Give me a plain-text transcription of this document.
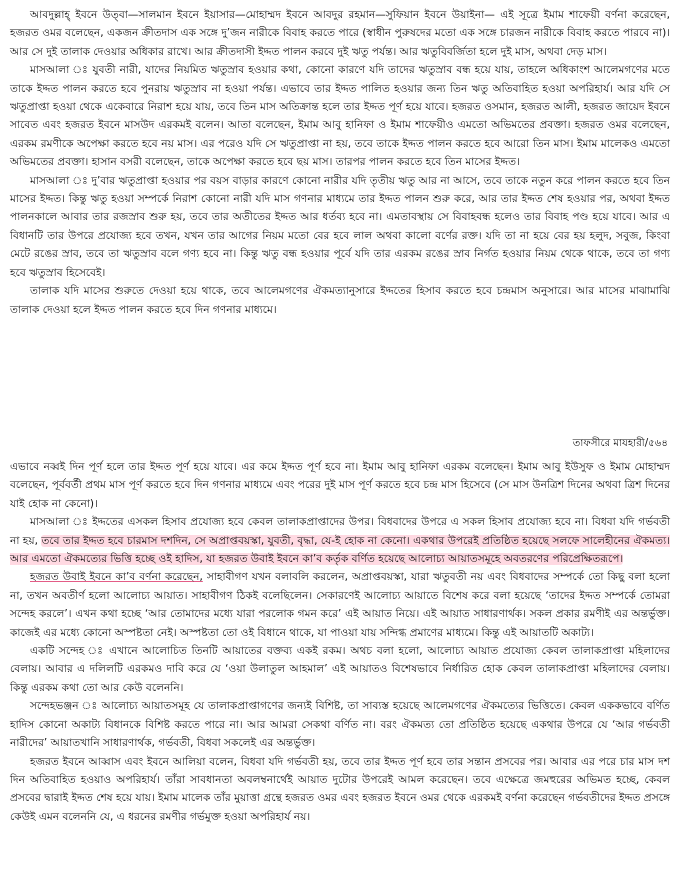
আবদুল্লাহ্ ইবনে উত্‌বা—সালমান ইবনে ইয়াসার—মোহাম্মদ ইবনে আবদুর রহমান—সুফিয়ান ইবনে উয়াইনা— এই সূত্রে ইমাম শাফেয়ী বর্ণনা করেছেন, হজরত ওমর বলেছেন, একজন ক্রীতদাস এক সঙ্গে দু’জন নারীকে বিবাহ করতে পারে (স্বাধীন পুরুষদের মতো এক সঙ্গে চারজন নারীকে বিবাহ করতে পারবে না)। আর সে দুই তালাক দেওয়ার অধিকার রাখে। আর ক্রীতদাসী ইদ্দত পালন করবে দুই ঋতু পর্যন্ত। আর ঋতুবিবর্জিতা হলে দুই মাস, অথবা দেড় মাস।

মাসআলা ঃ যুবতী নারী, যাদের নিয়মিত ঋতুস্রাব হওয়ার কথা, কোনো কারণে যদি তাদের ঋতুস্রাব বন্ধ হয়ে যায়, তাহলে অধিকাংশ আলেমগণের মতে তাকে ইদ্দত পালন করতে হবে পুনরায় ঋতুস্রাব না হওয়া পর্যন্ত। এভাবে তার ইদ্দত পালিত হওয়ার জন্য তিন ঋতু অতিবাহিত হওয়া অপরিহার্য। আর যদি সে ঋতুপ্রাপ্তা হওয়া থেকে একেবারে নিরাশ হয়ে যায়, তবে তিন মাস অতিক্রান্ত হলে তার ইদ্দত পূর্ণ হয়ে যাবে। হজরত ওসমান, হজরত আলী, হজরত জায়েদ ইবনে সাবেত এবং হজরত ইবনে মাসউদ এরকমই বলেন। আতা বলেছেন, ইমাম আবু হানিফা ও ইমাম শাফেয়ীও এমতো অভিমতের প্রবক্তা। হজরত ওমর বলেছেন, এরকম রমণীকে অপেক্ষা করতে হবে নয় মাস। এর পরেও যদি সে ঋতুপ্রাপ্তা না হয়, তবে তাকে ইদ্দত পালন করতে হবে আরো তিন মাস। ইমাম মালেকও এমতো অভিমতের প্রবক্তা। হাসান বসরী বলেছেন, তাকে অপেক্ষা করতে হবে ছয় মাস। তারপর পালন করতে হবে তিন মাসের ইদ্দত।

মাসআলা ঃ দু’বার ঋতুপ্রাপ্তা হওয়ার পর বয়স বাড়ার কারণে কোনো নারীর যদি তৃতীয় ঋতু আর না আসে, তবে তাকে নতুন করে পালন করতে হবে তিন মাসের ইদ্দত। কিন্তু ঋতু হওয়া সম্পর্কে নিরাশ কোনো নারী যদি মাস গণনার মাধ্যমে তার ইদ্দত পালন শুরু করে, আর তার ইদ্দত শেষ হওয়ার পর, অথবা ইদ্দত পালনকালে আবার তার রজস্রাব শুরু হয়, তবে তার অতীতের ইদ্দত আর ধর্তব্য হবে না। এমতাবস্থায় সে বিবাহবন্ধ হলেও তার বিবাহ পণ্ড হয়ে যাবে। আর এ বিধানটি তার উপরে প্রযোজ্য হবে তখন, যখন তার আগের নিয়ম মতো বের হবে লাল অথবা কালো বর্ণের রক্ত। যদি তা না হয়ে বের হয় হলুদ, সবুজ, কিংবা মেটে রঙের স্রাব, তবে তা ঋতুস্রাব বলে গণ্য হবে না। কিন্তু ঋতু বন্ধ হওয়ার পূর্বে যদি তার এরকম রঙের স্রাব নির্গত হওয়ার নিয়ম থেকে থাকে, তবে তা গণ্য হবে ঋতুস্রাব হিসেবেই।

তালাক যদি মাসের শুরুতে দেওয়া হয়ে থাকে, তবে আলেমগণের ঐকমত্যানুসারে ইদ্দতের হিসাব করতে হবে চন্দ্রমাস অনুসারে। আর মাসের মাঝামাঝি তালাক দেওয়া হলে ইদ্দত পালন করতে হবে দিন গণনার মাধ্যমে।

তাফসীরে মাযহারী/৫৬৪

এভাবে নব্বই দিন পূর্ণ হলে তার ইদ্দত পূর্ণ হয়ে যাবে। এর কমে ইদ্দত পূর্ণ হবে না। ইমাম আবু হানিফা এরকম বলেছেন। ইমাম আবু ইউসুফ ও ইমাম মোহাম্মদ বলেছেন, পূর্ববর্তী প্রথম মাস পূর্ণ করতে হবে দিন গণনার মাধ্যমে এবং পরের দুই মাস পূর্ণ করতে হবে চন্দ্র মাস হিসেবে (সে মাস উনত্রিশ দিনের অথবা ত্রিশ দিনের যাই হোক না কেনো)।

মাসআলা ঃ ইদ্দতের এসকল হিসাব প্রযোজ্য হবে কেবল তালাকপ্রাপ্তাদের উপর। বিধবাদের উপরে এ সকল হিসাব প্রযোজ্য হবে না। বিধবা যদি গর্ভবতী না হয়, তবে তার ইদ্দত হবে চারমাস দশদিন, সে অপ্রাপ্তবয়স্কা, যুবতী, বৃদ্ধা, যে-ই হোক না কেনো। একথার উপরেই প্রতিষ্ঠিত হয়েছে সলফে সালেহীনের ঐকমত্য। আর এমতো ঐকমত্যের ভিত্তি হচ্ছে ওই হাদিস, যা হজরত উবাই ইবনে কা’ব কর্তৃক বর্ণিত হয়েছে আলোচ্য আয়াতসমূহে অবতরণের পরিপ্রেক্ষিতরূপে।

হজরত উবাই ইবনে কা’ব বর্ণনা করেছেন, সাহাবীগণ যখন বলাবলি করলেন, অপ্রাপ্তবয়স্কা, যারা ঋতুবতী নয় এবং বিধবাদের সম্পর্কে তো কিছু বলা হলো না, তখন অবতীর্ণ হলো আলোচ্য আয়াত। সাহাবীগণ ঠিকই বলেছিলেন। সেকারণেই আলোচ্য আয়াতে বিশেষ করে বলা হয়েছে ‘তাদের ইদ্দত সম্পর্কে তোমরা সন্দেহ করলে’। এখন কথা হচ্ছে ‘আর তোমাদের মধ্যে যারা পরলোক গমন করে’ এই আয়াত নিয়ে। এই আয়াত সাধারণার্থক। সকল প্রকার রমণীই এর অন্তর্ভুক্ত। কাজেই এর মধ্যে কোনো অস্পষ্টতা নেই। অস্পষ্টতা তো ওই বিধানে থাকে, যা পাওয়া যায় সন্দিগ্ধ প্রমাণের মাধ্যমে। কিন্তু এই আয়াতটি অকাট্য।

একটি সন্দেহ ঃ এখানে আলোচিত তিনটি আয়াতের বক্তব্য একই রকম। অথচ বলা হলো, আলোচ্য আয়াত প্রযোজ্য কেবল তালাকপ্রাপ্তা মহিলাদের বেলায়। আবার এ দলিলটি এরকমও দাবি করে যে ‘ওয়া উলাতুল আহমাল’ এই আয়াতও বিশেষভাবে নির্ধারিত হোক কেবল তালাকপ্রাপ্তা মহিলাদের বেলায়। কিন্তু এরকম কথা তো আর কেউ বলেননি।

সন্দেহভঞ্জন ঃ আলোচ্য আয়াতসমূহ যে তালাকপ্রাপ্তাগণের জন্যই বিশিষ্ট, তা সাব্যস্ত হয়েছে আলেমগণের ঐকমত্যের ভিত্তিতে। কেবল এককভাবে বর্ণিত হাদিস কোনো অকাট্য বিধানকে বিশিষ্ট করতে পারে না। আর আমরা সেকথা বর্ণিত না। বরং ঐকমত্য তো প্রতিষ্ঠিত হয়েছে একথার উপরে যে ‘আর গর্ভবতী নারীদের’ আয়াতখানি সাধারণার্থক, গর্ভবতী, বিধবা সকলেই এর অন্তর্ভুক্ত।

হজরত ইবনে আব্বাস এবং ইবনে আলিয়া বলেন, বিধবা যদি গর্ভবতী হয়, তবে তার ইদ্দত পূর্ণ হবে তার সন্তান প্রসবের পর। আবার এর পরে চার মাস দশ দিন অতিবাহিত হওয়াও অপরিহার্য। তাঁরা সাবধানতা অবলম্বনার্থেই আয়াত দুটোর উপরেই আমল করেছেন। তবে এক্ষেত্রে জমহুরের অভিমত হচ্ছে, কেবল প্রসবের দ্বারাই ইদ্দত শেষ হয়ে যায়। ইমাম মালেক তাঁর মুয়াত্তা গ্রন্থে হজরত ওমর এবং হজরত ইবনে ওমর থেকে এরকমই বর্ণনা করেছেন গর্ভবতীদের ইদ্দত প্রসঙ্গে কেউই এমন বলেননি যে, এ ধরনের রমণীর গর্ভমুক্ত হওয়া অপরিহার্য নয়।
